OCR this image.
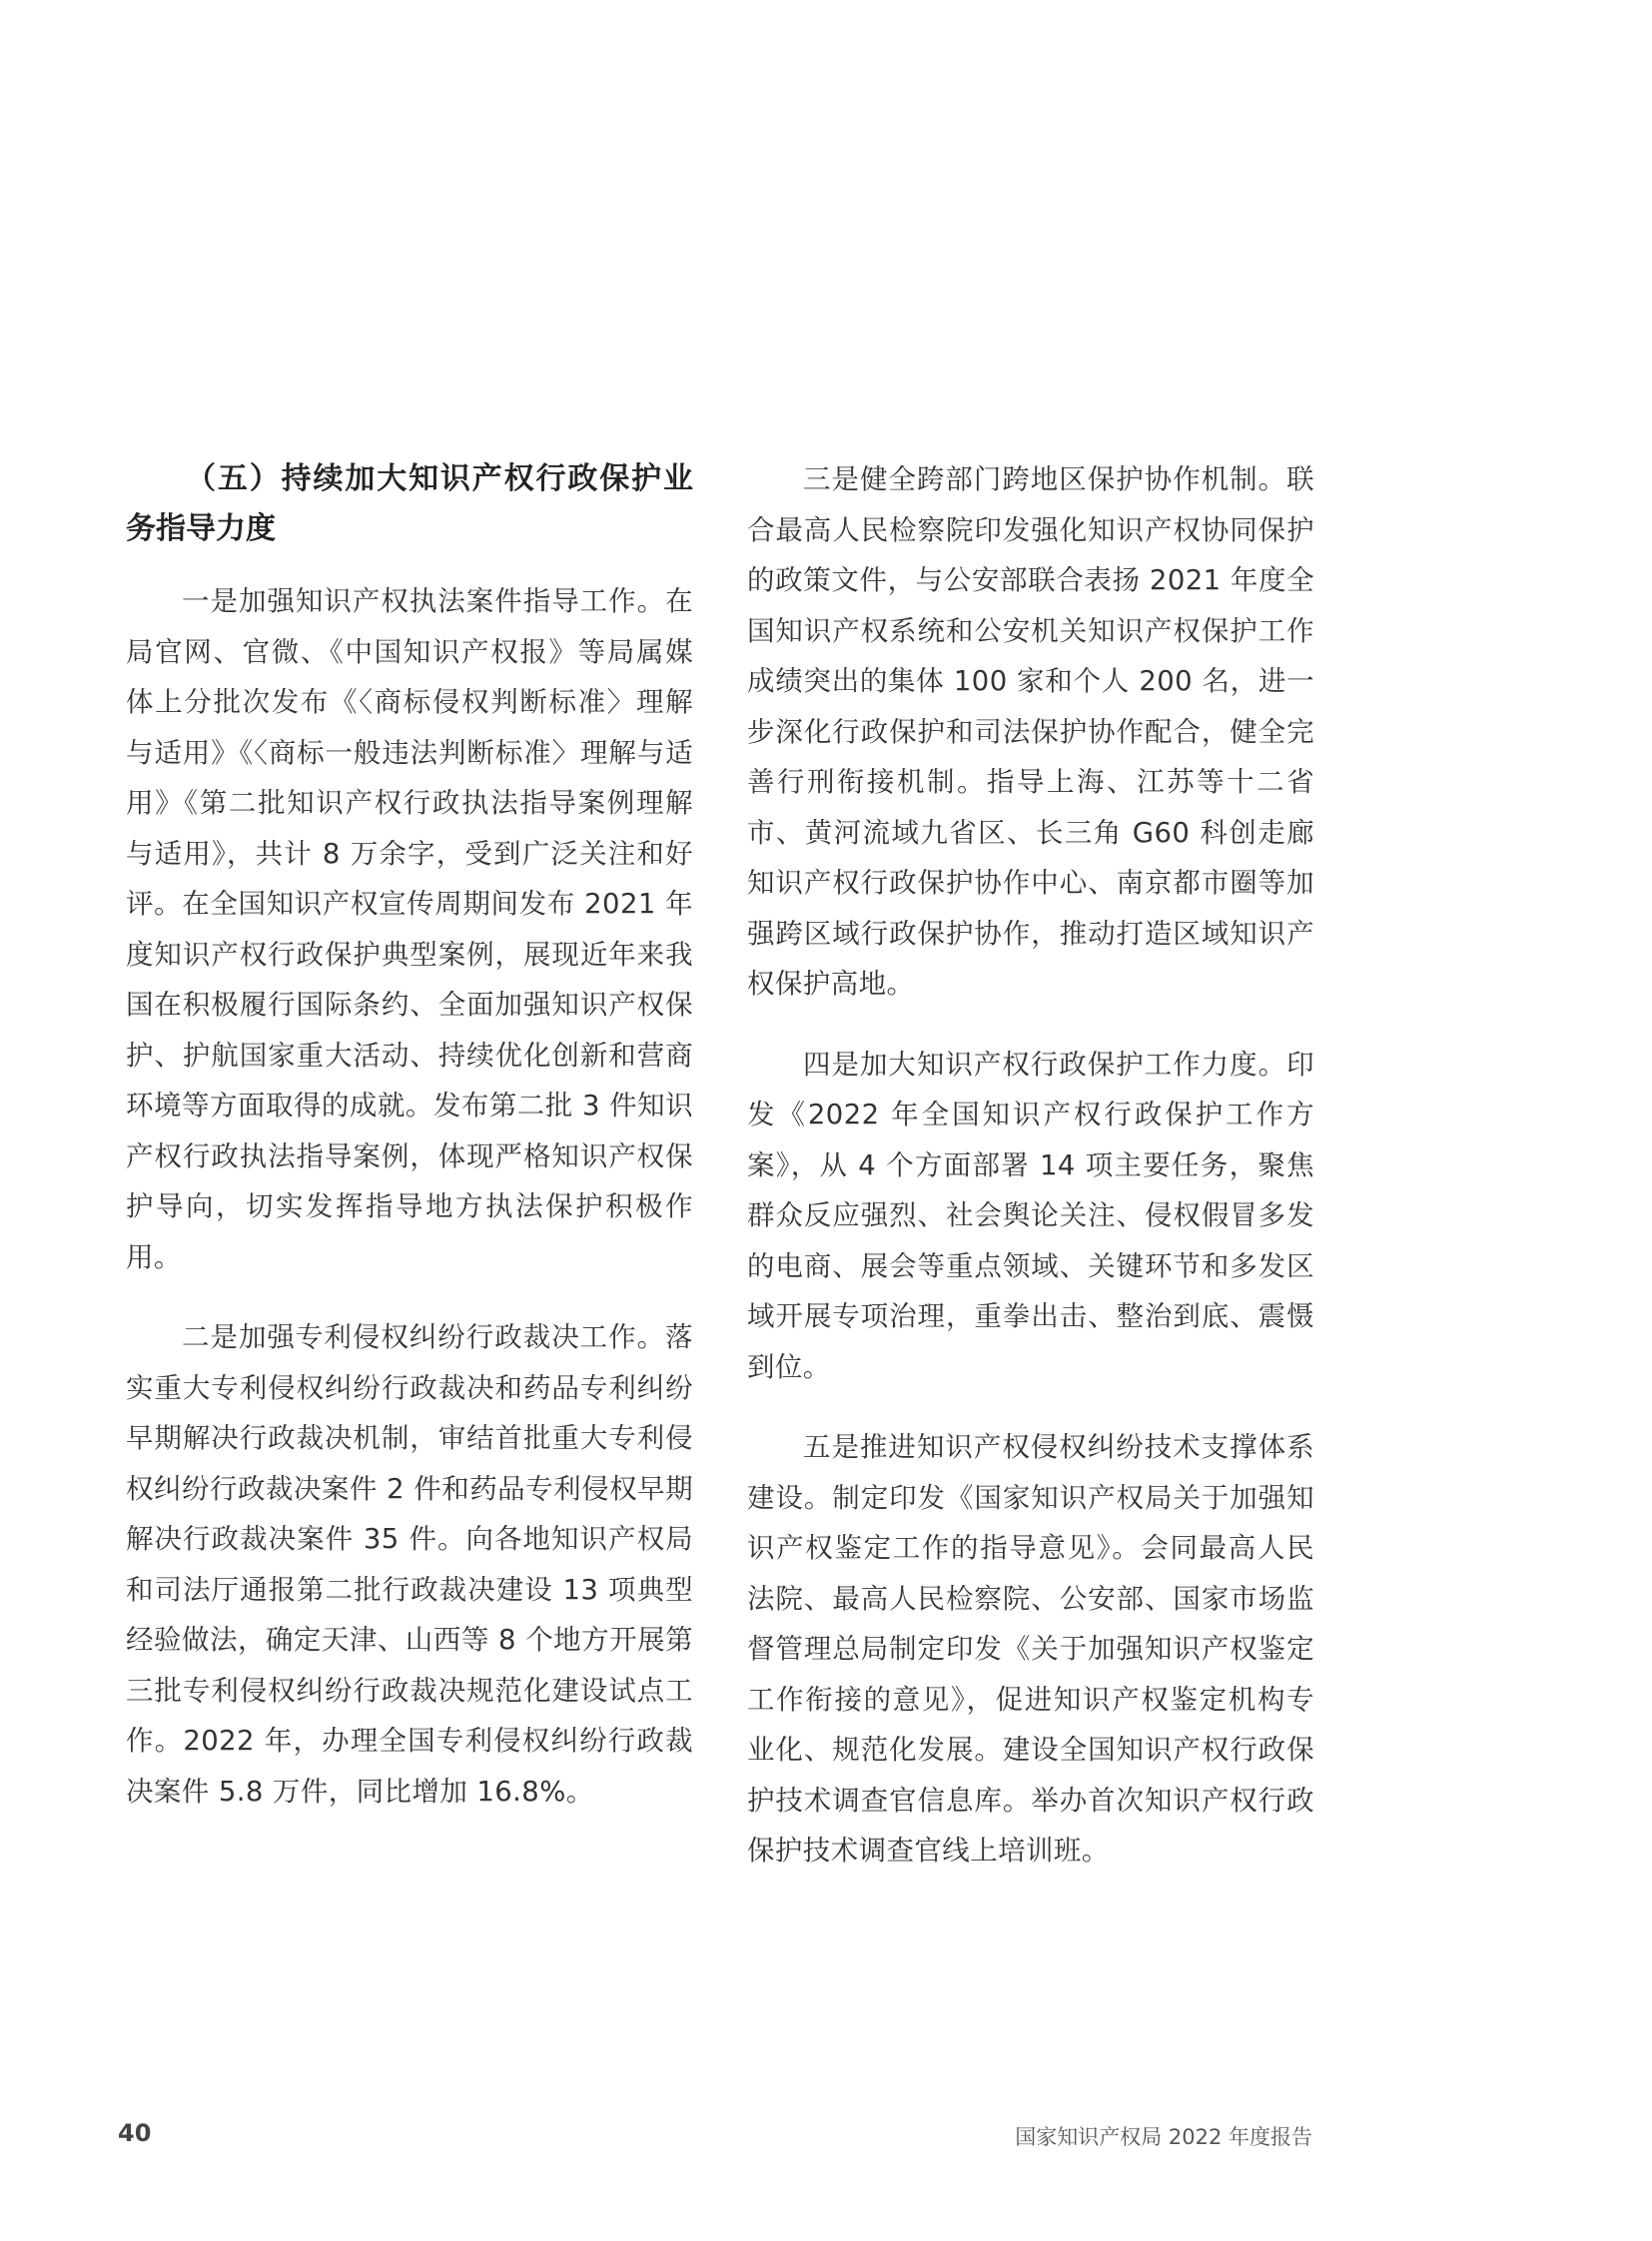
（五）持续加大知识产权行政保护业务指导力度

一是加强知识产权执法案件指导工作。在局官网、官微、《中国知识产权报》等局属媒体上分批次发布《〈商标侵权判断标准〉理解与适用》《〈商标一般违法判断标准〉理解与适用》《第二批知识产权行政执法指导案例理解与适用》，共计 8 万余字，受到广泛关注和好评。在全国知识产权宣传周期间发布 2021 年度知识产权行政保护典型案例，展现近年来我国在积极履行国际条约、全面加强知识产权保护、护航国家重大活动、持续优化创新和营商环境等方面取得的成就。发布第二批 3 件知识产权行政执法指导案例，体现严格知识产权保护导向，切实发挥指导地方执法保护积极作用。

二是加强专利侵权纠纷行政裁决工作。落实重大专利侵权纠纷行政裁决和药品专利纠纷早期解决行政裁决机制，审结首批重大专利侵权纠纷行政裁决案件 2 件和药品专利侵权早期解决行政裁决案件 35 件。向各地知识产权局和司法厅通报第二批行政裁决建设 13 项典型经验做法，确定天津、山西等 8 个地方开展第三批专利侵权纠纷行政裁决规范化建设试点工作。2022 年，办理全国专利侵权纠纷行政裁决案件 5.8 万件，同比增加 16.8%。

三是健全跨部门跨地区保护协作机制。联合最高人民检察院印发强化知识产权协同保护的政策文件，与公安部联合表扬 2021 年度全国知识产权系统和公安机关知识产权保护工作成绩突出的集体 100 家和个人 200 名，进一步深化行政保护和司法保护协作配合，健全完善行刑衔接机制。指导上海、江苏等十二省市、黄河流域九省区、长三角 G60 科创走廊知识产权行政保护协作中心、南京都市圈等加强跨区域行政保护协作，推动打造区域知识产权保护高地。

四是加大知识产权行政保护工作力度。印发《2022 年全国知识产权行政保护工作方案》，从 4 个方面部署 14 项主要任务，聚焦群众反应强烈、社会舆论关注、侵权假冒多发的电商、展会等重点领域、关键环节和多发区域开展专项治理，重拳出击、整治到底、震慑到位。

五是推进知识产权侵权纠纷技术支撑体系建设。制定印发《国家知识产权局关于加强知识产权鉴定工作的指导意见》。会同最高人民法院、最高人民检察院、公安部、国家市场监督管理总局制定印发《关于加强知识产权鉴定工作衔接的意见》，促进知识产权鉴定机构专业化、规范化发展。建设全国知识产权行政保护技术调查官信息库。举办首次知识产权行政保护技术调查官线上培训班。

40	国家知识产权局 2022 年度报告
